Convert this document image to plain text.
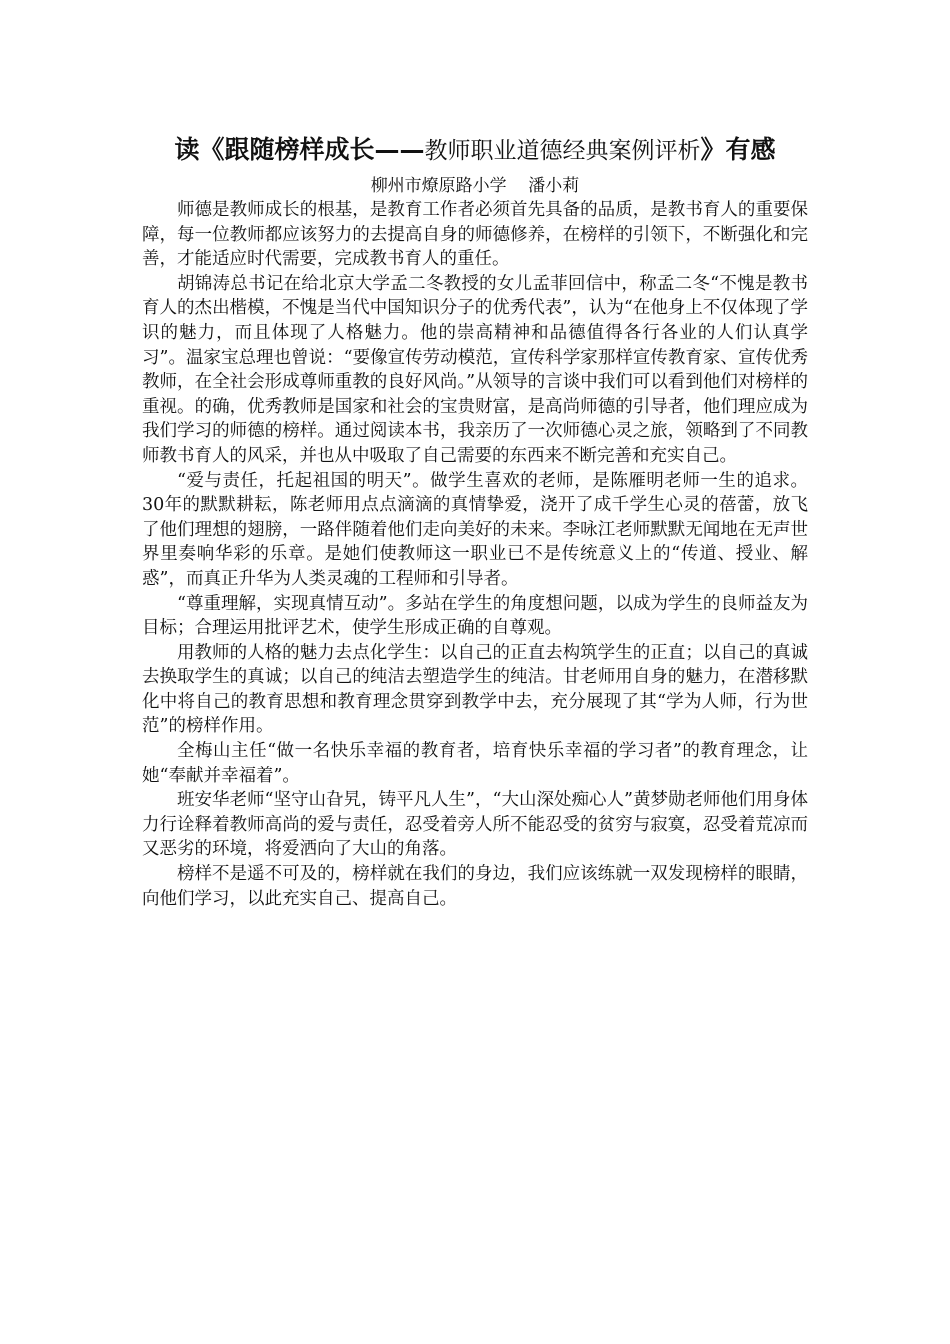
读《跟随榜样成长——教师职业道德经典案例评析》有感
柳州市燎原路小学    潘小莉

师德是教师成长的根基，是教育工作者必须首先具备的品质，是教书育人的重要保障，每一位教师都应该努力的去提高自身的师德修养，在榜样的引领下，不断强化和完善，才能适应时代需要，完成教书育人的重任。

胡锦涛总书记在给北京大学孟二冬教授的女儿孟菲回信中，称孟二冬“不愧是教书育人的杰出楷模，不愧是当代中国知识分子的优秀代表”，认为“在他身上不仅体现了学识的魅力，而且体现了人格魅力。他的崇高精神和品德值得各行各业的人们认真学习”。温家宝总理也曾说：“要像宣传劳动模范，宣传科学家那样宣传教育家、宣传优秀教师，在全社会形成尊师重教的良好风尚。”从领导的言谈中我们可以看到他们对榜样的重视。的确，优秀教师是国家和社会的宝贵财富，是高尚师德的引导者，他们理应成为我们学习的师德的榜样。通过阅读本书，我亲历了一次师德心灵之旅，领略到了不同教师教书育人的风采，并也从中吸取了自己需要的东西来不断完善和充实自己。

“爱与责任，托起祖国的明天”。做学生喜欢的老师，是陈雁明老师一生的追求。30年的默默耕耘，陈老师用点点滴滴的真情挚爱，浇开了成千学生心灵的蓓蕾，放飞了他们理想的翅膀，一路伴随着他们走向美好的未来。李咏江老师默默无闻地在无声世界里奏响华彩的乐章。是她们使教师这一职业已不是传统意义上的“传道、授业、解惑”，而真正升华为人类灵魂的工程师和引导者。

“尊重理解，实现真情互动”。多站在学生的角度想问题，以成为学生的良师益友为目标；合理运用批评艺术，使学生形成正确的自尊观。

用教师的人格的魅力去点化学生：以自己的正直去构筑学生的正直；以自己的真诚去换取学生的真诚；以自己的纯洁去塑造学生的纯洁。甘老师用自身的魅力，在潜移默化中将自己的教育思想和教育理念贯穿到教学中去，充分展现了其“学为人师，行为世范”的榜样作用。

全梅山主任“做一名快乐幸福的教育者，培育快乐幸福的学习者”的教育理念，让她“奉献并幸福着”。

班安华老师“坚守山旮旯，铸平凡人生”，“大山深处痴心人”黄梦勋老师他们用身体力行诠释着教师高尚的爱与责任，忍受着旁人所不能忍受的贫穷与寂寞，忍受着荒凉而又恶劣的环境，将爱洒向了大山的角落。

榜样不是遥不可及的，榜样就在我们的身边，我们应该练就一双发现榜样的眼睛，向他们学习，以此充实自己、提高自己。
